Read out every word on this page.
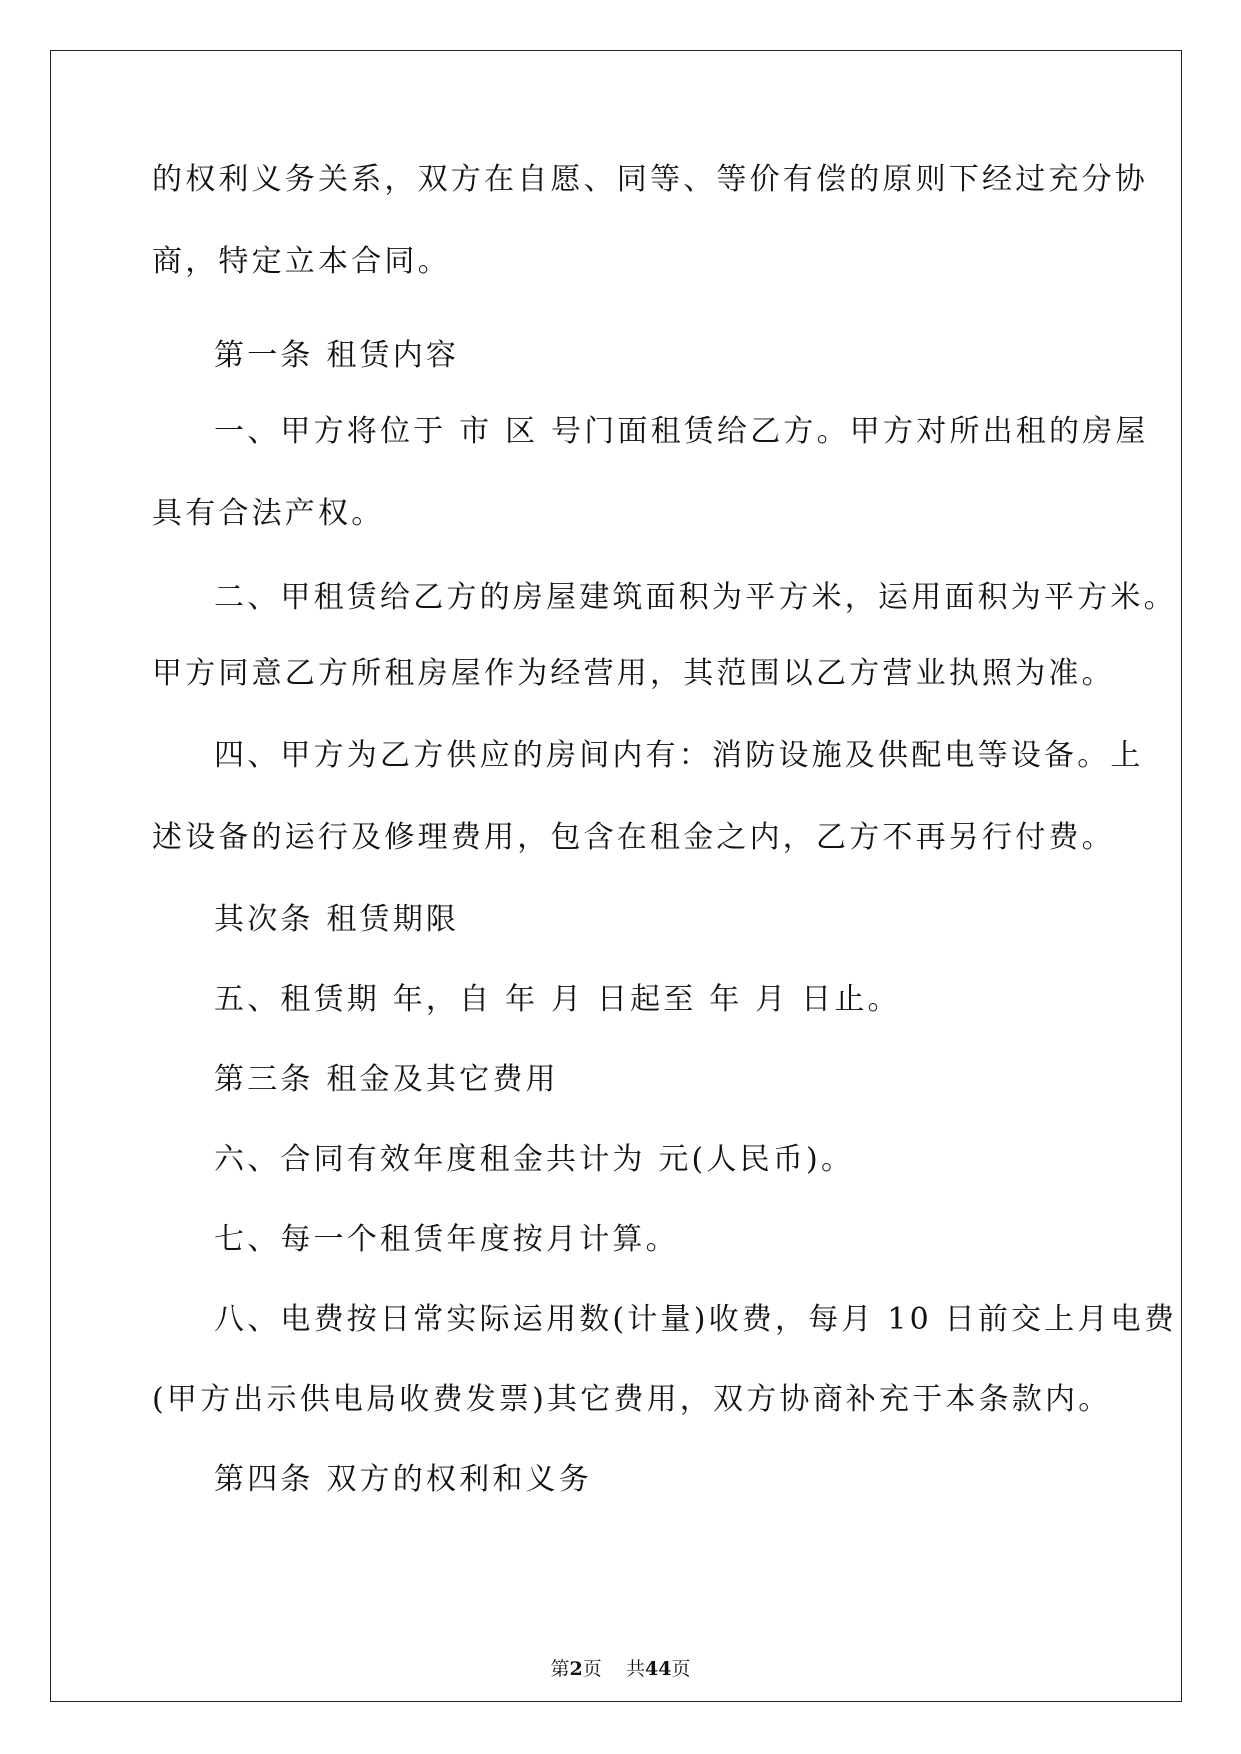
的权利义务关系，双方在自愿、同等、等价有偿的原则下经过充分协
商，特定立本合同。
第一条 租赁内容
一、甲方将位于 市 区 号门面租赁给乙方。甲方对所出租的房屋
具有合法产权。
二、甲租赁给乙方的房屋建筑面积为平方米，运用面积为平方米。
甲方同意乙方所租房屋作为经营用，其范围以乙方营业执照为准。
四、甲方为乙方供应的房间内有：消防设施及供配电等设备。上
述设备的运行及修理费用，包含在租金之内，乙方不再另行付费。
其次条 租赁期限
五、租赁期 年，自 年 月 日起至 年 月 日止。
第三条 租金及其它费用
六、合同有效年度租金共计为 元(人民币)。
七、每一个租赁年度按月计算。
八、电费按日常实际运用数(计量)收费，每月 10 日前交上月电费
(甲方出示供电局收费发票)其它费用，双方协商补充于本条款内。
第四条 双方的权利和义务
第2页 共44页
